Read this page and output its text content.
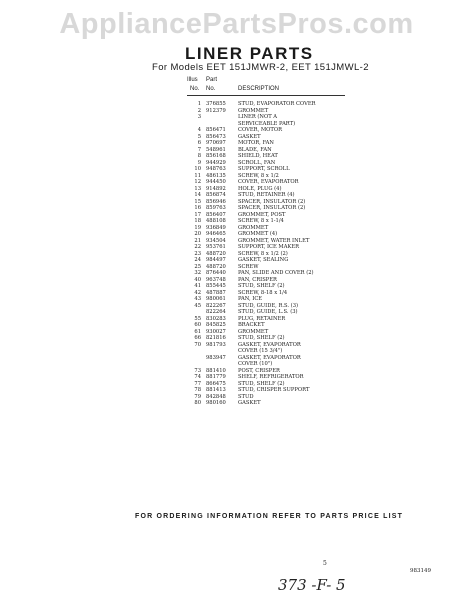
AppliancePartsPros.com
LINER PARTS
For Models EET 151JMWR-2, EET 151JMWL-2
Illus
No.
Part
No.	DESCRIPTION
1 376855 STUD, EVAPORATOR COVER
2 912379 GROMMET
3	LINER (NOT A
SERVICEABLE PART)
4 856471 COVER, MOTOR
5 856473 GASKET
6 970697 MOTOR, FAN
7 548961 BLADE, FAN
8 856168 SHIELD, HEAT
9 944929 SCROLL, FAN
10 948763 SUPPORT, SCROLL
11 486135 SCREW, 8 x 1/2
12 944450 COVER, EVAPORATOR
13 914892 HOLE, PLUG (4)
14 856874 STUD, RETAINER (4)
15 856946 SPACER, INSULATOR (2)
16 859763 SPACER, INSULATOR (2)
17 856407 GROMMET, POST
18 488108 SCREW, 8 x 1-1/4
19 936849 GROMMET
20 946465 GROMMET (4)
21 934504 GROMMET, WATER INLET
22 953761 SUPPORT, ICE MAKER
23 488720 SCREW, 8 x 1/2 (2)
24 984497 GASKET, SEALING
25 488720 SCREW
32 876440 PAN, SLIDE AND COVER (2)
40 963748 PAN, CRISPER
41 855445 STUD, SHELF (2)
42 487887 SCREW, 8-18 x 1/4
43 980061 PAN, ICE
45 822267 STUD, GUIDE, R.S. (3)
822264 STUD, GUIDE, L.S. (3)
55 830283 PLUG, RETAINER
60 845825 BRACKET
61 930027 GROMMET
66 821816 STUD, SHELF (2)
70 981793 GASKET, EVAPORATOR
COVER (15 3/4")
983947 GASKET, EVAPORATOR
COVER (10")
73 881410 POST, CRISPER
74 881779 SHELF, REFRIGERATOR
77 866475 STUD, SHELF (2)
78 881413 STUD, CRISPER SUPPORT
79 842848 STUD
80 980160 GASKET
FOR ORDERING INFORMATION REFER TO PARTS PRICE LIST
5
983149
373 -F- 5
